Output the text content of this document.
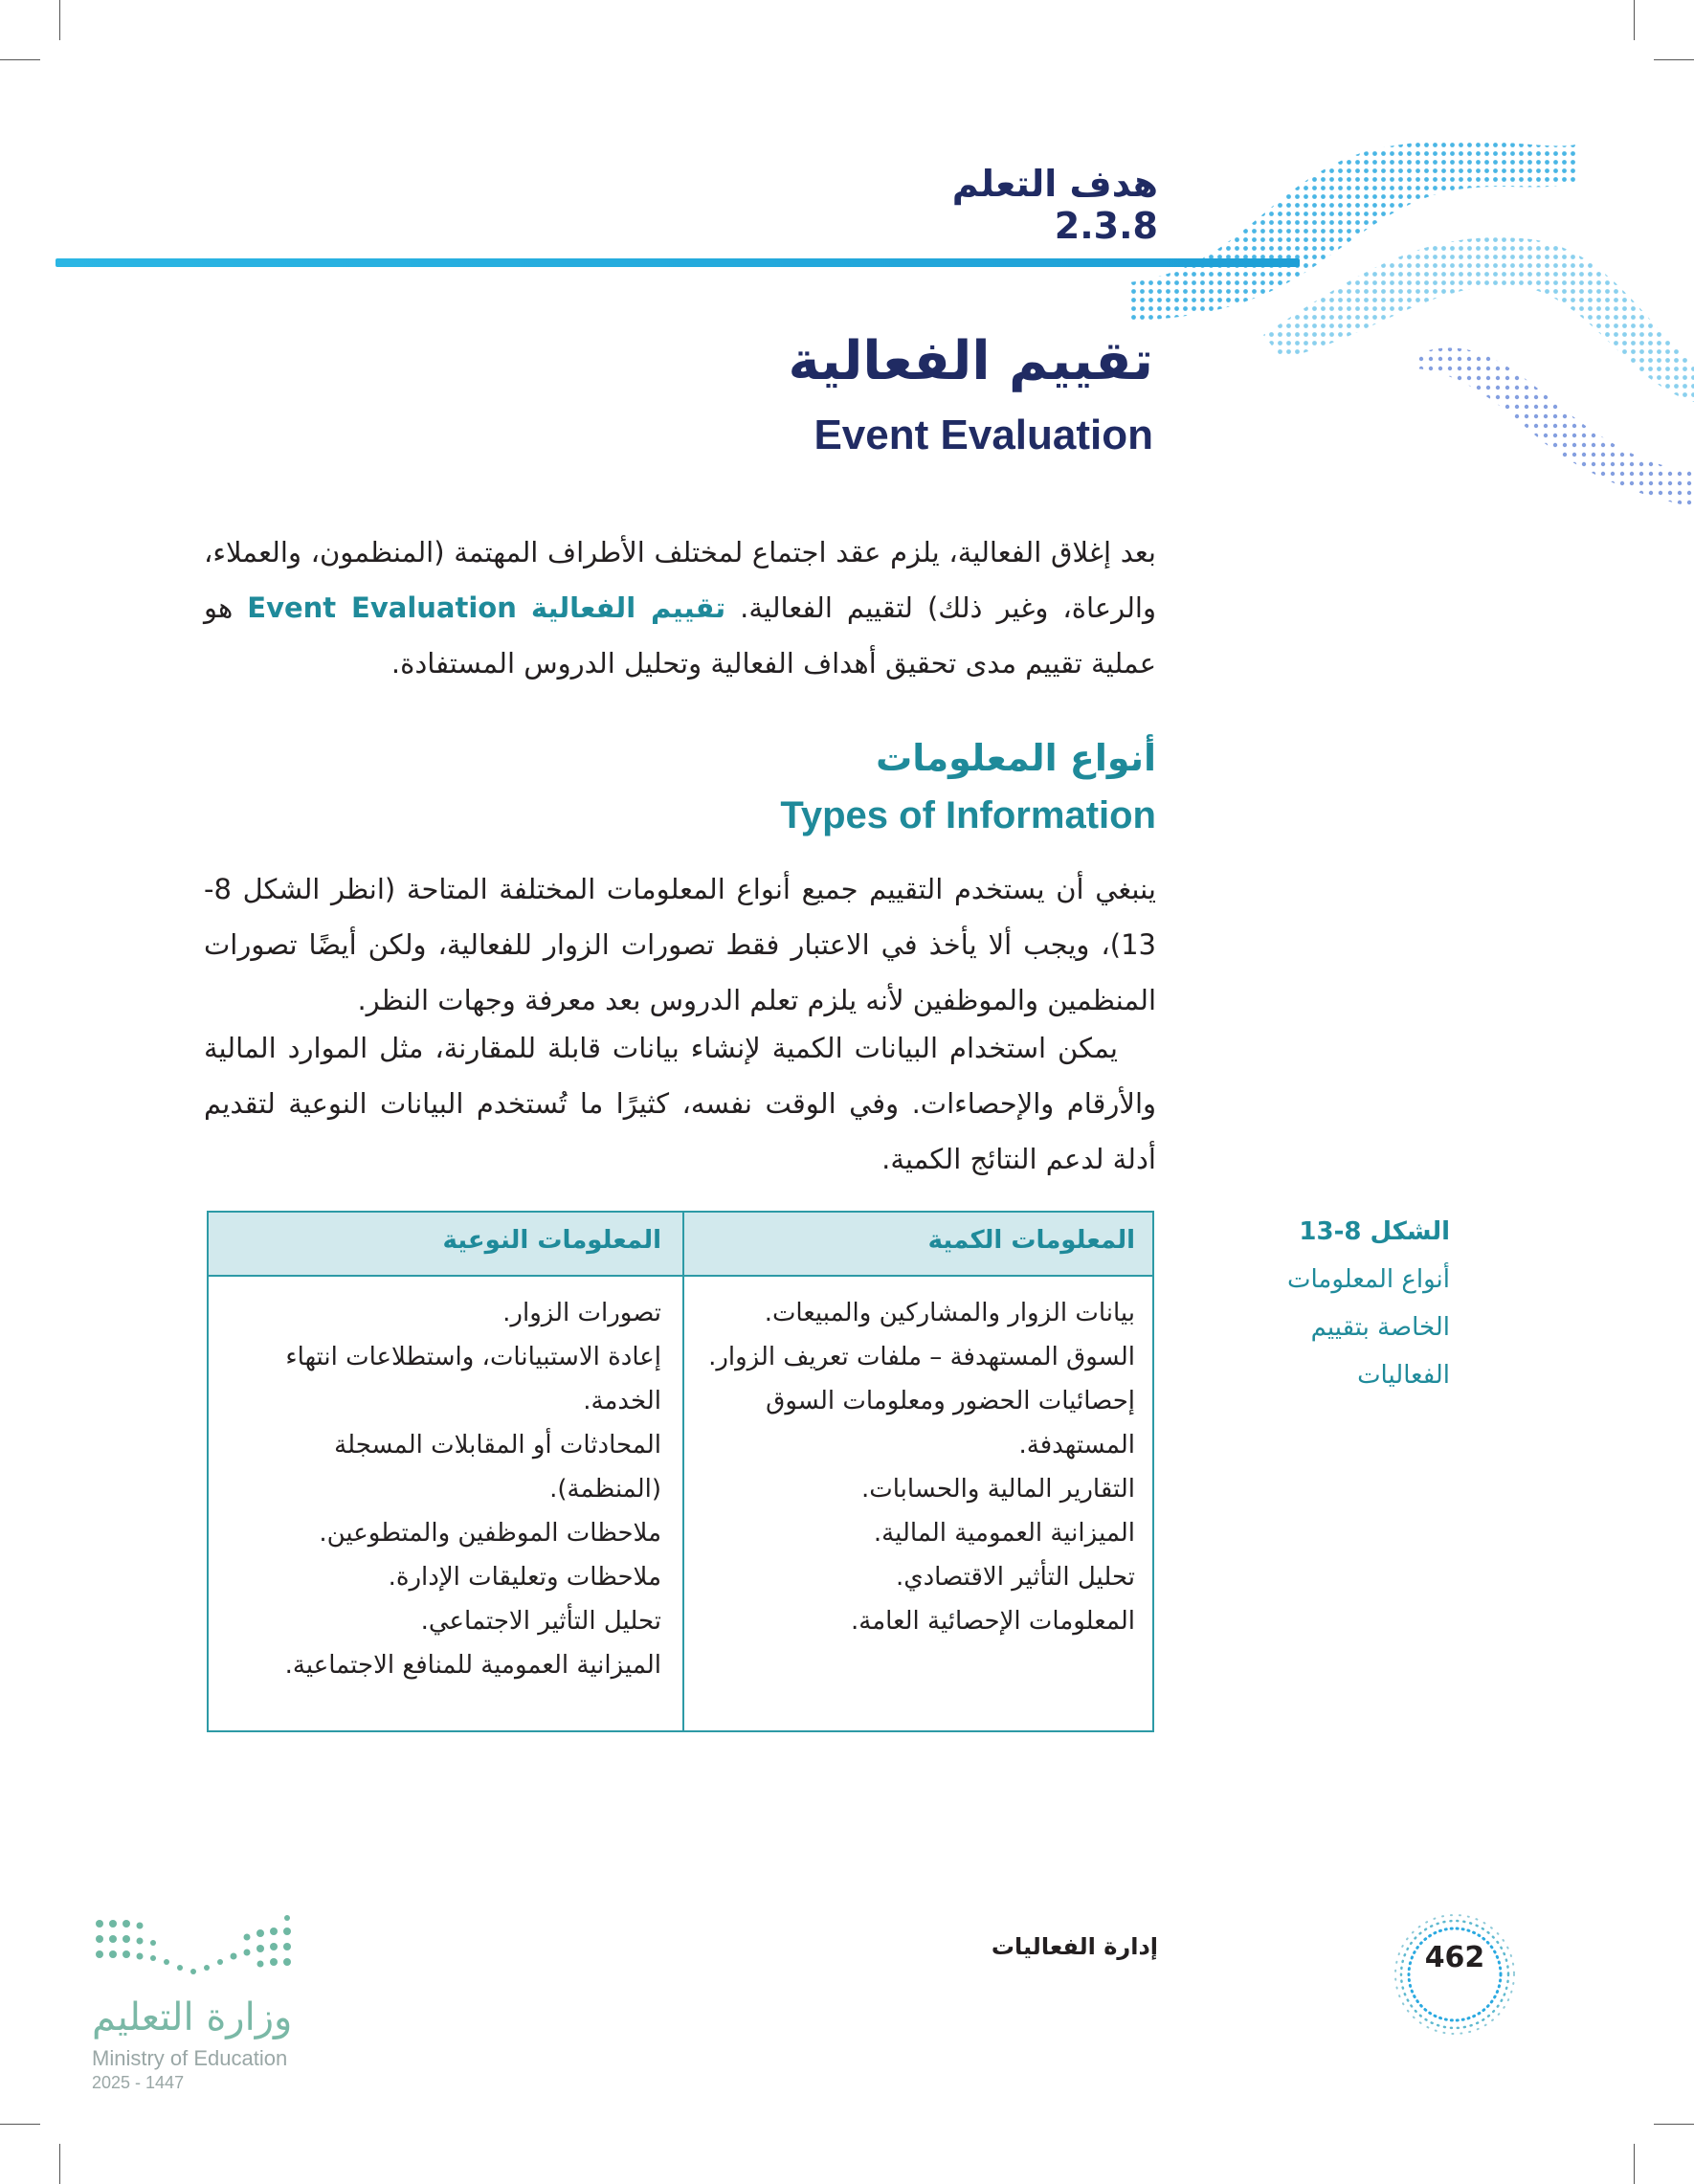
هدف التعلم 2.3.8
تقييم الفعالية
Event Evaluation

بعد إغلاق الفعالية، يلزم عقد اجتماع لمختلف الأطراف المهتمة (المنظمون، والعملاء، والرعاة، وغير ذلك) لتقييم الفعالية. تقييم الفعالية Event Evaluation هو عملية تقييم مدى تحقيق أهداف الفعالية وتحليل الدروس المستفادة.

أنواع المعلومات
Types of Information

ينبغي أن يستخدم التقييم جميع أنواع المعلومات المختلفة المتاحة (انظر الشكل 8-13)، ويجب ألا يأخذ في الاعتبار فقط تصورات الزوار للفعالية، ولكن أيضًا تصورات المنظمين والموظفين لأنه يلزم تعلم الدروس بعد معرفة وجهات النظر.

يمكن استخدام البيانات الكمية لإنشاء بيانات قابلة للمقارنة، مثل الموارد المالية والأرقام والإحصاءات. وفي الوقت نفسه، كثيرًا ما تُستخدم البيانات النوعية لتقديم أدلة لدعم النتائج الكمية.

الشكل 8-13
أنواع المعلومات الخاصة بتقييم الفعاليات
المعلومات الكمية
المعلومات النوعية
بيانات الزوار والمشاركين والمبيعات.
السوق المستهدفة – ملفات تعريف الزوار.
إحصائيات الحضور ومعلومات السوق
المستهدفة.
التقارير المالية والحسابات.
الميزانية العمومية المالية.
تحليل التأثير الاقتصادي.
المعلومات الإحصائية العامة.
تصورات الزوار.
إعادة الاستبيانات، واستطلاعات انتهاء
الخدمة.
المحادثات أو المقابلات المسجلة
(المنظمة).
ملاحظات الموظفين والمتطوعين.
ملاحظات وتعليقات الإدارة.
تحليل التأثير الاجتماعي.
الميزانية العمومية للمنافع الاجتماعية.
إدارة الفعاليات	462
وزارة التعليم
Ministry of Education
2025 - 1447
